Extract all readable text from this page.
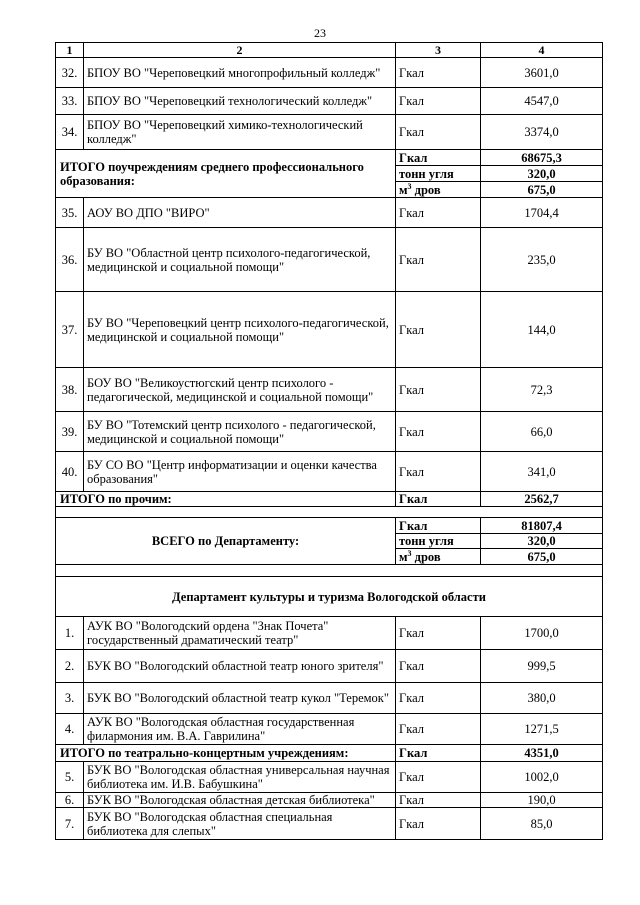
23
1	2	3	4
32.	БПОУ ВО "Череповецкий многопрофильный колледж"	Гкал	3601,0
33.	БПОУ ВО "Череповецкий технологический колледж"	Гкал	4547,0
34.	БПОУ ВО "Череповецкий химико-технологический колледж"	Гкал	3374,0
ИТОГО поучреждениям среднего профессионального образования:		Гкал	68675,3
		тонн угля	320,0
		$м^3$ дров	675,0
35.	АОУ ВО ДПО "ВИРО"	Гкал	1704,4
36.	БУ ВО "Областной центр психолого-педагогической, медицинской и социальной помощи"	Гкал	235,0
37.	БУ ВО "Череповецкий центр психолого-педагогической, медицинской и социальной помощи"	Гкал	144,0
38.	БОУ ВО "Великоустюгский центр психолого - педагогической, медицинской и социальной помощи"	Гкал	72,3
39.	БУ ВО "Тотемский центр психолого - педагогической, медицинской и социальной помощи"	Гкал	66,0
40.	БУ СО ВО "Центр информатизации и оценки качества образования"	Гкал	341,0
ИТОГО по прочим:		Гкал	2562,7

ВСЕГО по Департаменту:		Гкал	81807,4
		тонн угля	320,0
		$м^3$ дров	675,0

Департамент культуры и туризма Вологодской области			
1.	АУК ВО "Вологодский ордена "Знак Почета" государственный драматический театр"	Гкал	1700,0
2.	БУК ВО "Вологодский областной театр юного зрителя"	Гкал	999,5
3.	БУК ВО "Вологодский областной театр кукол "Теремок"	Гкал	380,0
4.	АУК ВО "Вологодская областная государственная филармония им. В.А. Гаврилина"	Гкал	1271,5
ИТОГО по театрально-концертным учреждениям:		Гкал	4351,0
5.	БУК ВО "Вологодская областная универсальная научная библиотека им. И.В. Бабушкина"	Гкал	1002,0
6.	БУК ВО "Вологодская областная детская библиотека"	Гкал	190,0
7.	БУК ВО "Вологодская областная специальная библиотека для слепых"	Гкал	85,0
